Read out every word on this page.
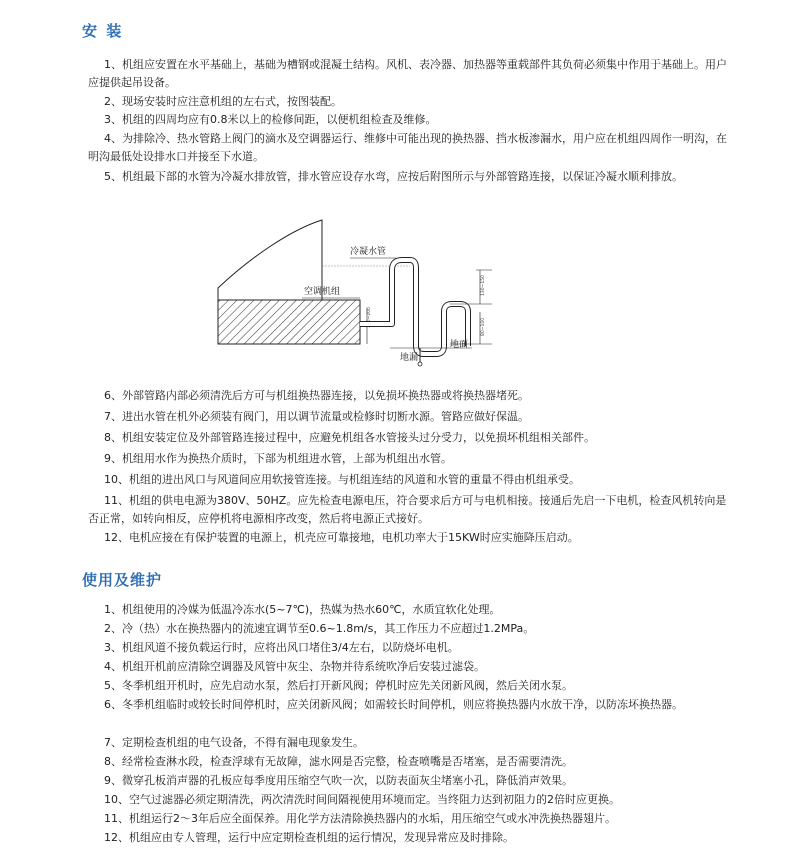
安 装

1、机组应安置在水平基础上，基础为槽钢或混凝土结构。风机、表冷器、加热器等重载部件其负荷必须集中作用于基础上。用户应提供起吊设备。

2、现场安装时应注意机组的左右式，按图装配。

3、机组的四周均应有0.8米以上的检修间距，以便机组检查及维修。

4、为排除冷、热水管路上阀门的滴水及空调器运行、维修中可能出现的换热器、挡水板渗漏水，用户应在机组四周作一明沟，在明沟最低处设排水口并接至下水道。

5、机组最下部的水管为冷凝水排放管，排水管应设存水弯，应按后附图所示与外部管路连接，以保证冷凝水顺利排放。

150~200
冷凝水管
空调机组	130~150
80~100
地面
地漏

6、外部管路内部必须清洗后方可与机组换热器连接，以免损坏换热器或将换热器堵死。

7、进出水管在机外必须装有阀门，用以调节流量或检修时切断水源。管路应做好保温。

8、机组安装定位及外部管路连接过程中，应避免机组各水管接头过分受力，以免损坏机组相关部件。

9、机组用水作为换热介质时，下部为机组进水管，上部为机组出水管。

10、机组的进出风口与风道间应用软接管连接。与机组连结的风道和水管的重量不得由机组承受。

11、机组的供电电源为380V、50HZ。应先检查电源电压，符合要求后方可与电机相接。接通后先启一下电机，检查风机转向是否正常，如转向相反，应停机将电源相序改变，然后将电源正式接好。

12、电机应接在有保护装置的电源上，机壳应可靠接地，电机功率大于15KW时应实施降压启动。

使用及维护

1、机组使用的冷媒为低温冷冻水(5~7℃)，热媒为热水60℃，水质宜软化处理。

2、冷（热）水在换热器内的流速宜调节至0.6~1.8m/s，其工作压力不应超过1.2MPa。

3、机组风道不接负载运行时，应将出风口堵住3/4左右，以防烧坏电机。

4、机组开机前应清除空调器及风管中灰尘、杂物并待系统吹净后安装过滤袋。

5、冬季机组开机时，应先启动水泵，然后打开新风阀；停机时应先关闭新风阀，然后关闭水泵。

6、冬季机组临时或较长时间停机时，应关闭新风阀；如需较长时间停机，则应将换热器内水放干净，以防冻坏换热器。

7、定期检查机组的电气设备，不得有漏电现象发生。

8、经常检查淋水段，检查浮球有无故障，滤水网是否完整，检查喷嘴是否堵塞，是否需要清洗。

9、微穿孔板消声器的孔板应每季度用压缩空气吹一次，以防表面灰尘堵塞小孔，降低消声效果。

10、空气过滤器必须定期清洗，两次清洗时间间隔视使用环境而定。当终阻力达到初阻力的2倍时应更换。

11、机组运行2～3年后应全面保养。用化学方法清除换热器内的水垢，用压缩空气或水冲洗换热器翅片。

12、机组应由专人管理，运行中应定期检查机组的运行情况，发现异常应及时排除。
